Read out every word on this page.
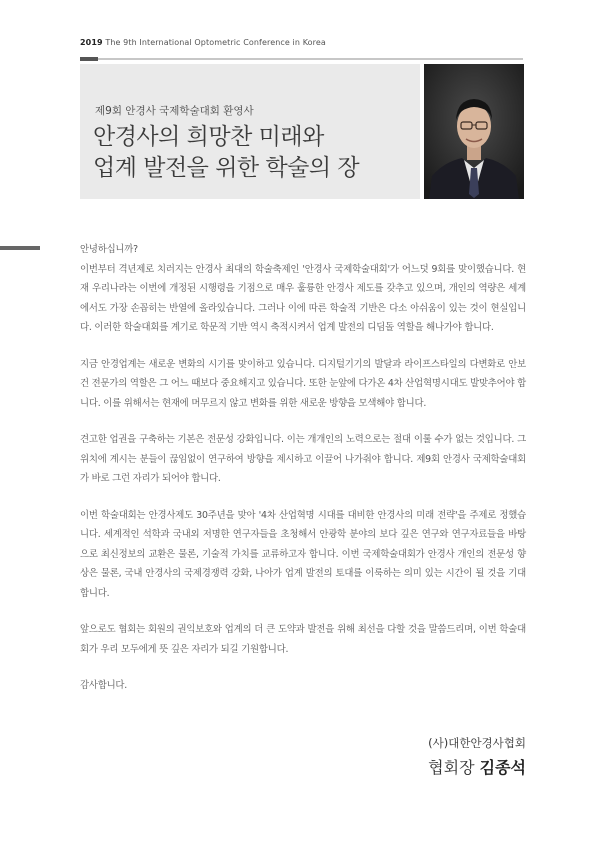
2019 The 9th International Optometric Conference in Korea
제9회 안경사 국제학술대회 환영사
안경사의 희망찬 미래와
업계 발전을 위한 학술의 장

안녕하십니까?

이번부터 격년제로 치러지는 안경사 최대의 학술축제인 '안경사 국제학술대회'가 어느덧 9회를 맞이했습니다. 현재 우리나라는 이번에 개정된 시행령을 기점으로 매우 훌륭한 안경사 제도를 갖추고 있으며, 개인의 역량은 세계에서도 가장 손꼽히는 반열에 올라있습니다. 그러나 이에 따른 학술적 기반은 다소 아쉬움이 있는 것이 현실입니다. 이러한 학술대회를 계기로 학문적 기반 역시 축적시켜서 업계 발전의 디딤돌 역할을 해나가야 합니다.

지금 안경업계는 새로운 변화의 시기를 맞이하고 있습니다. 디지털기기의 발달과 라이프스타일의 다변화로 안보건 전문가의 역할은 그 어느 때보다 중요해지고 있습니다. 또한 눈앞에 다가온 4차 산업혁명시대도 발맞추어야 합니다. 이를 위해서는 현재에 머무르지 않고 변화를 위한 새로운 방향을 모색해야 합니다.

견고한 업권을 구축하는 기본은 전문성 강화입니다. 이는 개개인의 노력으로는 절대 이룰 수가 없는 것입니다. 그 위치에 계시는 분들이 끊임없이 연구하여 방향을 제시하고 이끌어 나가줘야 합니다. 제9회 안경사 국제학술대회가 바로 그런 자리가 되어야 합니다.

이번 학술대회는 안경사제도 30주년을 맞아 '4차 산업혁명 시대를 대비한 안경사의 미래 전략'을 주제로 정했습니다. 세계적인 석학과 국내외 저명한 연구자들을 초청해서 안광학 분야의 보다 깊은 연구와 연구자료들을 바탕으로 최신정보의 교환은 물론, 기술적 가치를 교류하고자 합니다. 이번 국제학술대회가 안경사 개인의 전문성 향상은 물론, 국내 안경사의 국제경쟁력 강화, 나아가 업계 발전의 토대를 이룩하는 의미 있는 시간이 될 것을 기대합니다.

앞으로도 협회는 회원의 권익보호와 업계의 더 큰 도약과 발전을 위해 최선을 다할 것을 말씀드리며, 이번 학술대회가 우리 모두에게 뜻 깊은 자리가 되길 기원합니다.

감사합니다.

(사)대한안경사협회
협회장 김종석
